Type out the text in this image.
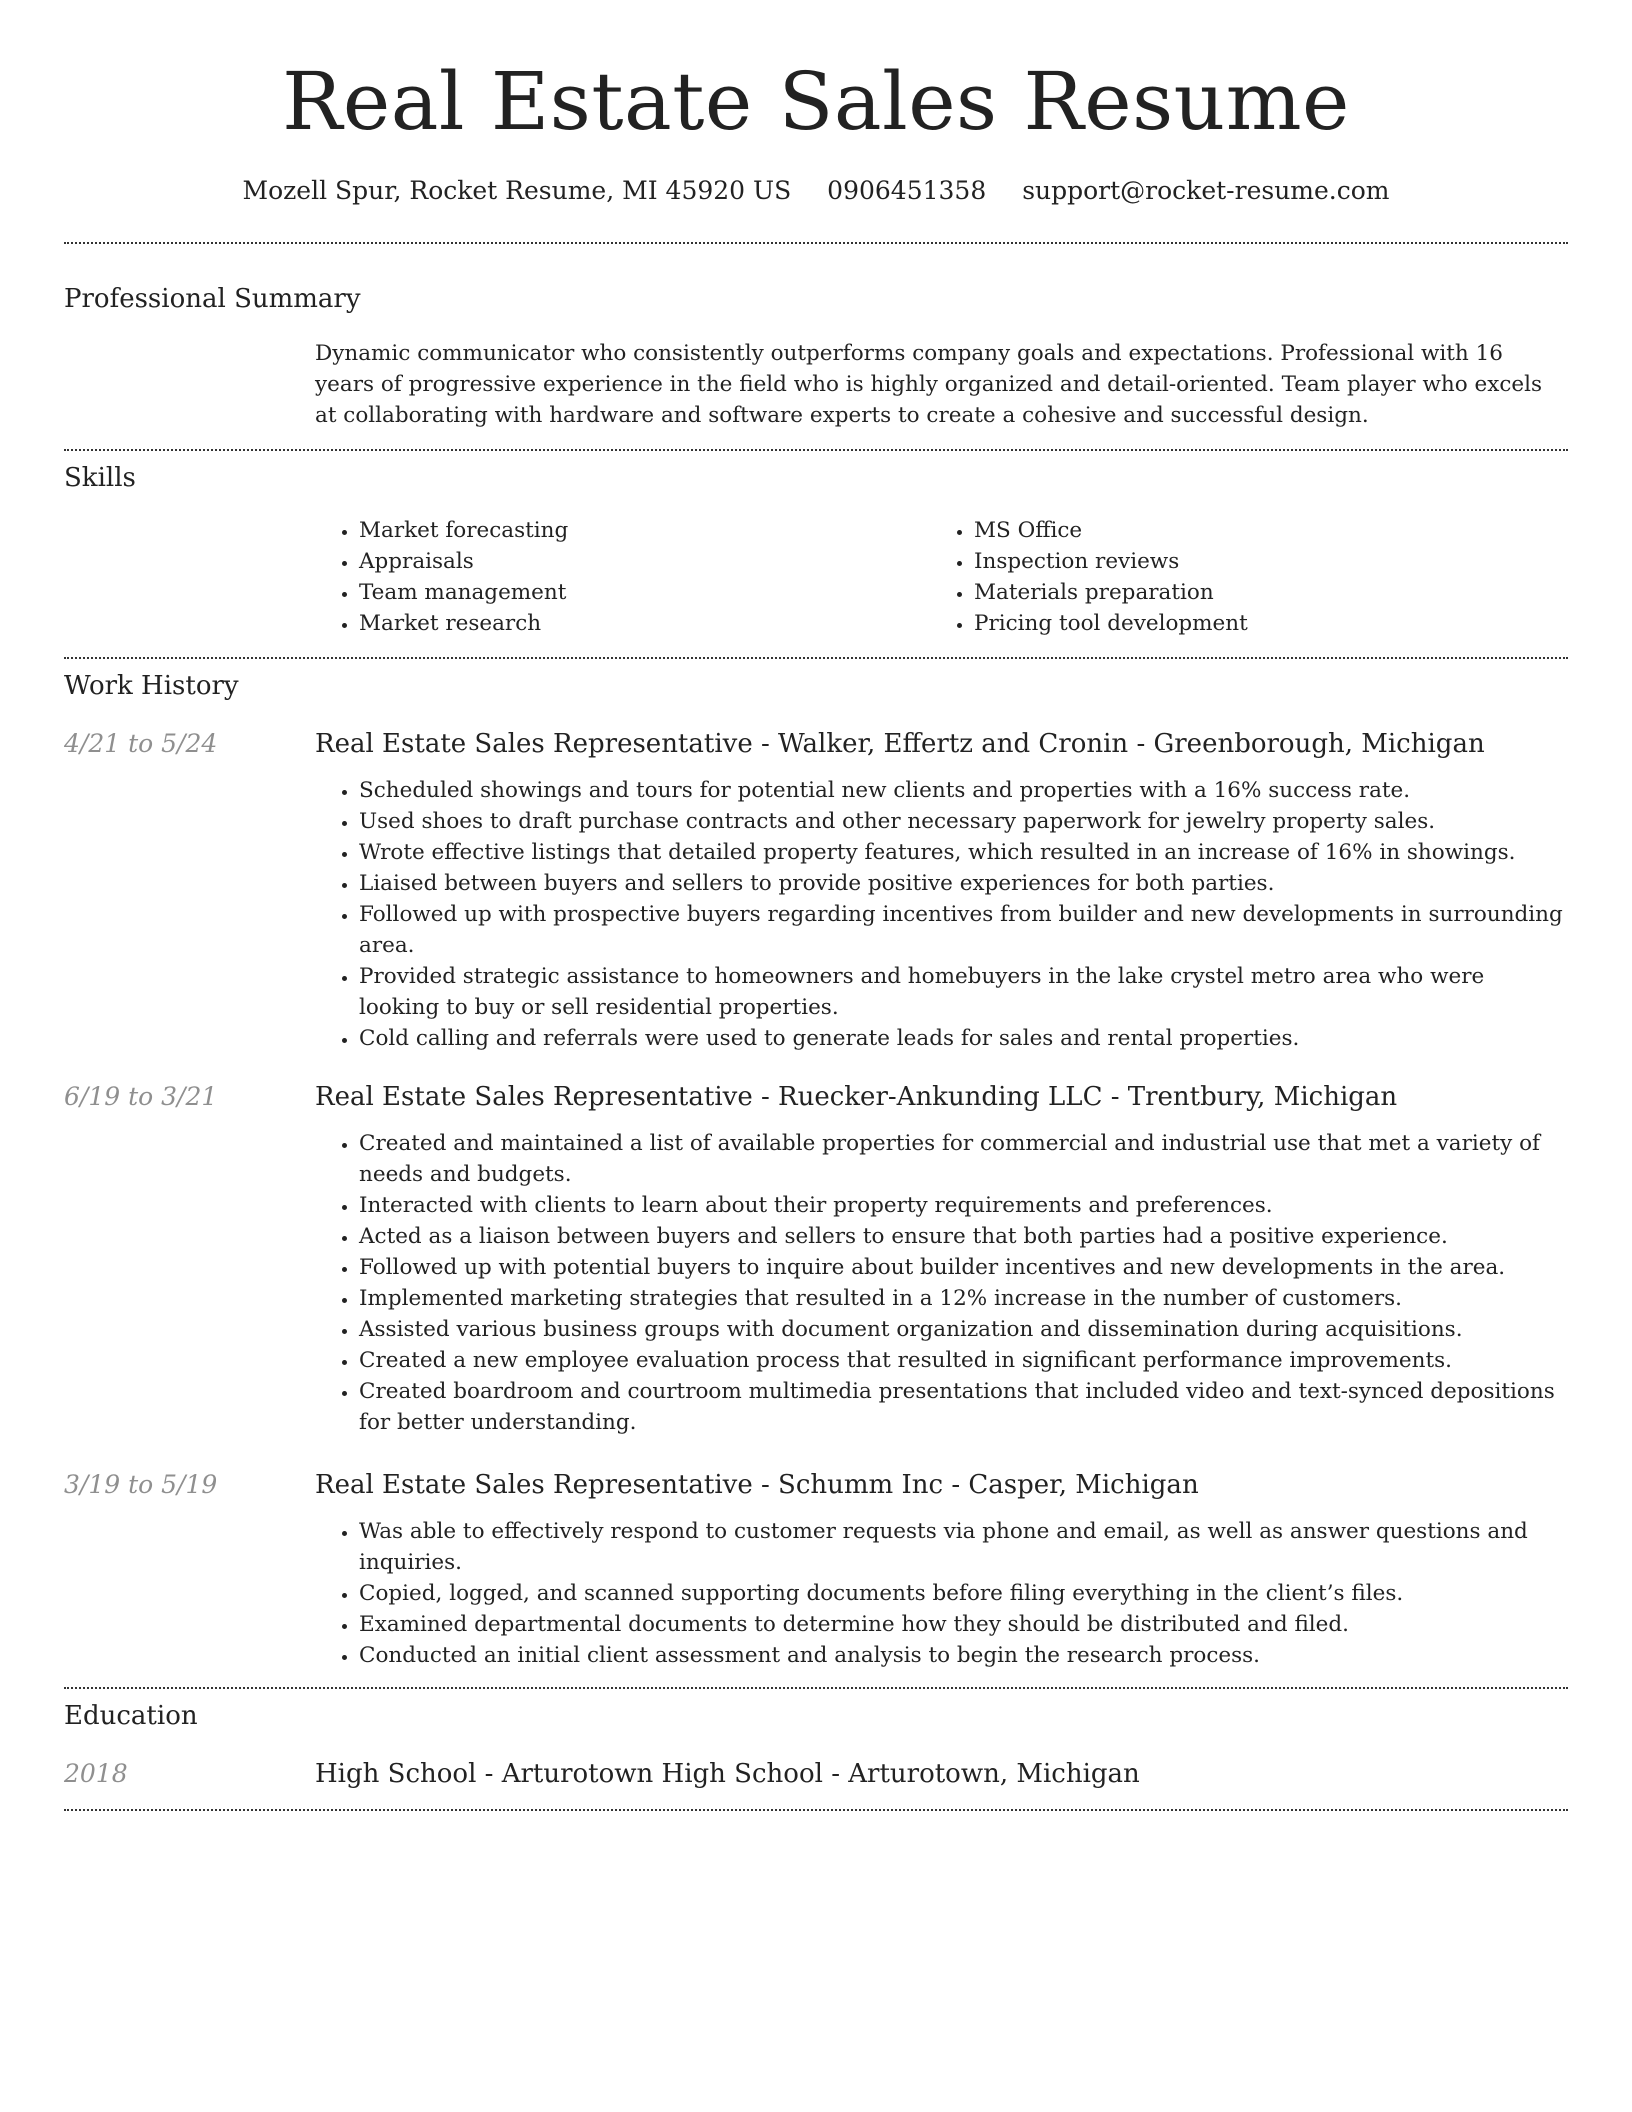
Real Estate Sales Resume
Mozell Spur, Rocket Resume, MI 45920 US 0906451358 support@rocket-resume.com
Professional Summary

Dynamic communicator who consistently outperforms company goals and expectations. Professional with 16 years of progressive experience in the field who is highly organized and detail-oriented. Team player who excels at collaborating with hardware and software experts to create a cohesive and successful design.

Skills
• Market forecasting
• Appraisals
• Team management
• Market research
• MS Office
• Inspection reviews
• Materials preparation
• Pricing tool development
Work History
4/21 to 5/24	Real Estate Sales Representative - Walker, Effertz and Cronin - Greenborough, Michigan
• Scheduled showings and tours for potential new clients and properties with a 16% success rate.
• Used shoes to draft purchase contracts and other necessary paperwork for jewelry property sales.
• Wrote effective listings that detailed property features, which resulted in an increase of 16% in showings.
• Liaised between buyers and sellers to provide positive experiences for both parties.
• Followed up with prospective buyers regarding incentives from builder and new developments in surrounding area.
• Provided strategic assistance to homeowners and homebuyers in the lake crystel metro area who were looking to buy or sell residential properties.
• Cold calling and referrals were used to generate leads for sales and rental properties.
6/19 to 3/21	Real Estate Sales Representative - Ruecker-Ankunding LLC - Trentbury, Michigan
• Created and maintained a list of available properties for commercial and industrial use that met a variety of needs and budgets.
• Interacted with clients to learn about their property requirements and preferences.
• Acted as a liaison between buyers and sellers to ensure that both parties had a positive experience.
• Followed up with potential buyers to inquire about builder incentives and new developments in the area.
• Implemented marketing strategies that resulted in a 12% increase in the number of customers.
• Assisted various business groups with document organization and dissemination during acquisitions.
• Created a new employee evaluation process that resulted in significant performance improvements.
• Created boardroom and courtroom multimedia presentations that included video and text-synced depositions for better understanding.
3/19 to 5/19	Real Estate Sales Representative - Schumm Inc - Casper, Michigan
• Was able to effectively respond to customer requests via phone and email, as well as answer questions and inquiries.
• Copied, logged, and scanned supporting documents before filing everything in the client’s files.
• Examined departmental documents to determine how they should be distributed and filed.
• Conducted an initial client assessment and analysis to begin the research process.
Education
2018	High School - Arturotown High School - Arturotown, Michigan
